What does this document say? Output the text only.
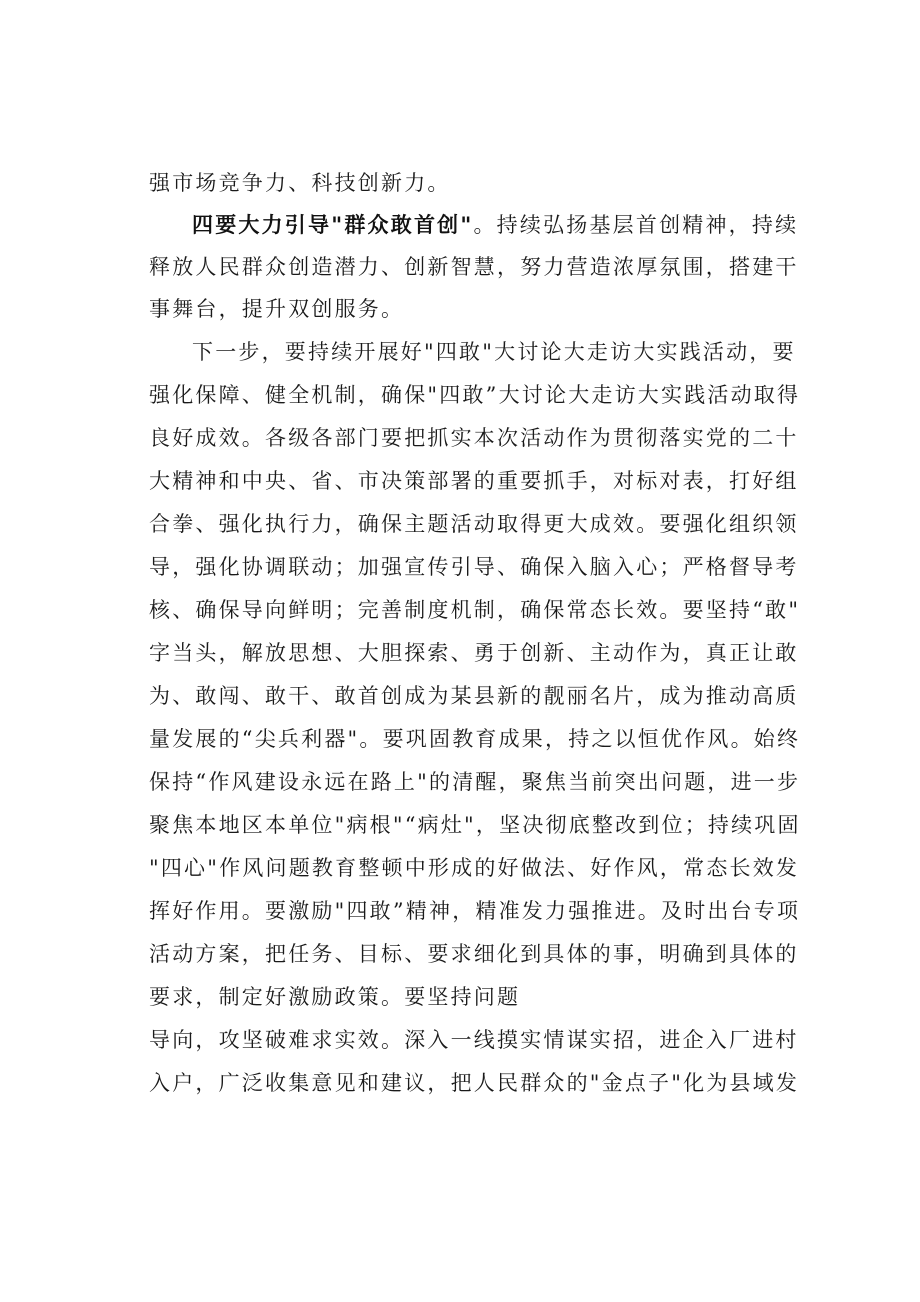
强市场竞争力、科技创新力。
四要大力引导"群众敢首创"。持续弘扬基层首创精神，持续
释放人民群众创造潜力、创新智慧，努力营造浓厚氛围，搭建干
事舞台，提升双创服务。
下一步，要持续开展好"四敢"大讨论大走访大实践活动，要
强化保障、健全机制，确保"四敢”大讨论大走访大实践活动取得
良好成效。各级各部门要把抓实本次活动作为贯彻落实党的二十
大精神和中央、省、市决策部署的重要抓手，对标对表，打好组
合拳、强化执行力，确保主题活动取得更大成效。要强化组织领
导，强化协调联动；加强宣传引导、确保入脑入心；严格督导考
核、确保导向鲜明；完善制度机制，确保常态长效。要坚持“敢"
字当头，解放思想、大胆探索、勇于创新、主动作为，真正让敢
为、敢闯、敢干、敢首创成为某县新的靓丽名片，成为推动高质
量发展的“尖兵利器"。要巩固教育成果，持之以恒优作风。始终
保持“作风建设永远在路上"的清醒，聚焦当前突出问题，进一步
聚焦本地区本单位"病根"“病灶"，坚决彻底整改到位；持续巩固
"四心"作风问题教育整顿中形成的好做法、好作风，常态长效发
挥好作用。要激励"四敢”精神，精准发力强推进。及时出台专项
活动方案，把任务、目标、要求细化到具体的事，明确到具体的
要求，制定好激励政策。要坚持问题
导向，攻坚破难求实效。深入一线摸实情谋实招，进企入厂进村
入户，广泛收集意见和建议，把人民群众的"金点子"化为县域发
